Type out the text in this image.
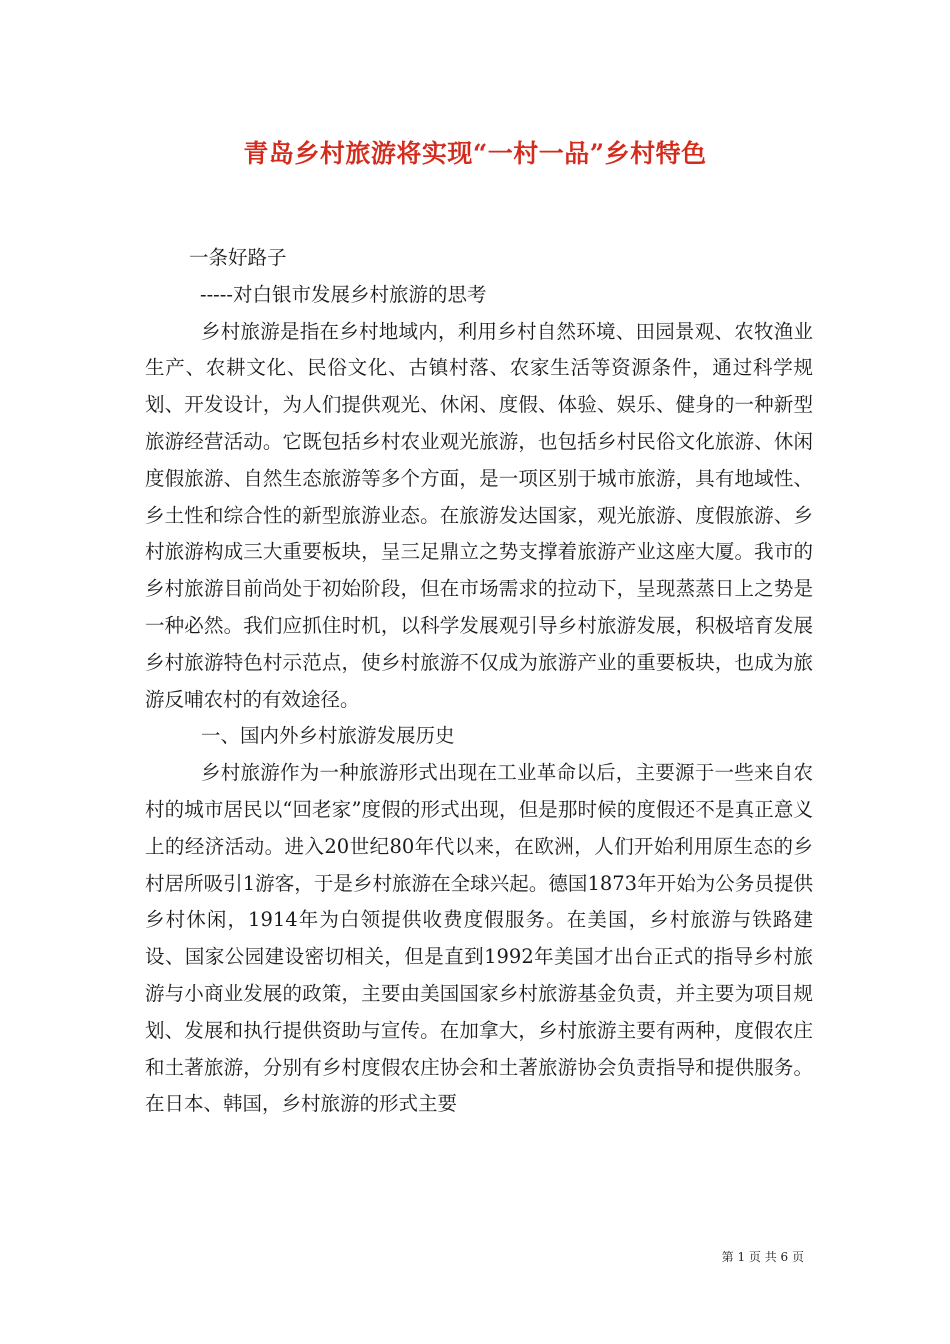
青岛乡村旅游将实现“一村一品”乡村特色

一条好路子

-----对白银市发展乡村旅游的思考

乡村旅游是指在乡村地域内，利用乡村自然环境、田园景观、农牧渔业生产、农耕文化、民俗文化、古镇村落、农家生活等资源条件，通过科学规划、开发设计，为人们提供观光、休闲、度假、体验、娱乐、健身的一种新型旅游经营活动。它既包括乡村农业观光旅游，也包括乡村民俗文化旅游、休闲度假旅游、自然生态旅游等多个方面，是一项区别于城市旅游，具有地域性、乡土性和综合性的新型旅游业态。在旅游发达国家，观光旅游、度假旅游、乡村旅游构成三大重要板块，呈三足鼎立之势支撑着旅游产业这座大厦。我市的乡村旅游目前尚处于初始阶段，但在市场需求的拉动下，呈现蒸蒸日上之势是一种必然。我们应抓住时机，以科学发展观引导乡村旅游发展，积极培育发展乡村旅游特色村示范点，使乡村旅游不仅成为旅游产业的重要板块，也成为旅游反哺农村的有效途径。

一、国内外乡村旅游发展历史

乡村旅游作为一种旅游形式出现在工业革命以后，主要源于一些来自农村的城市居民以“回老家”度假的形式出现，但是那时候的度假还不是真正意义上的经济活动。进入20世纪80年代以来，在欧洲，人们开始利用原生态的乡村居所吸引1游客，于是乡村旅游在全球兴起。德国1873年开始为公务员提供乡村休闲，1914年为白领提供收费度假服务。在美国，乡村旅游与铁路建设、国家公园建设密切相关，但是直到1992年美国才出台正式的指导乡村旅游与小商业发展的政策，主要由美国国家乡村旅游基金负责，并主要为项目规划、发展和执行提供资助与宣传。在加拿大，乡村旅游主要有两种，度假农庄和土著旅游，分别有乡村度假农庄协会和土著旅游协会负责指导和提供服务。在日本、韩国，乡村旅游的形式主要

第 1 页 共 6 页
